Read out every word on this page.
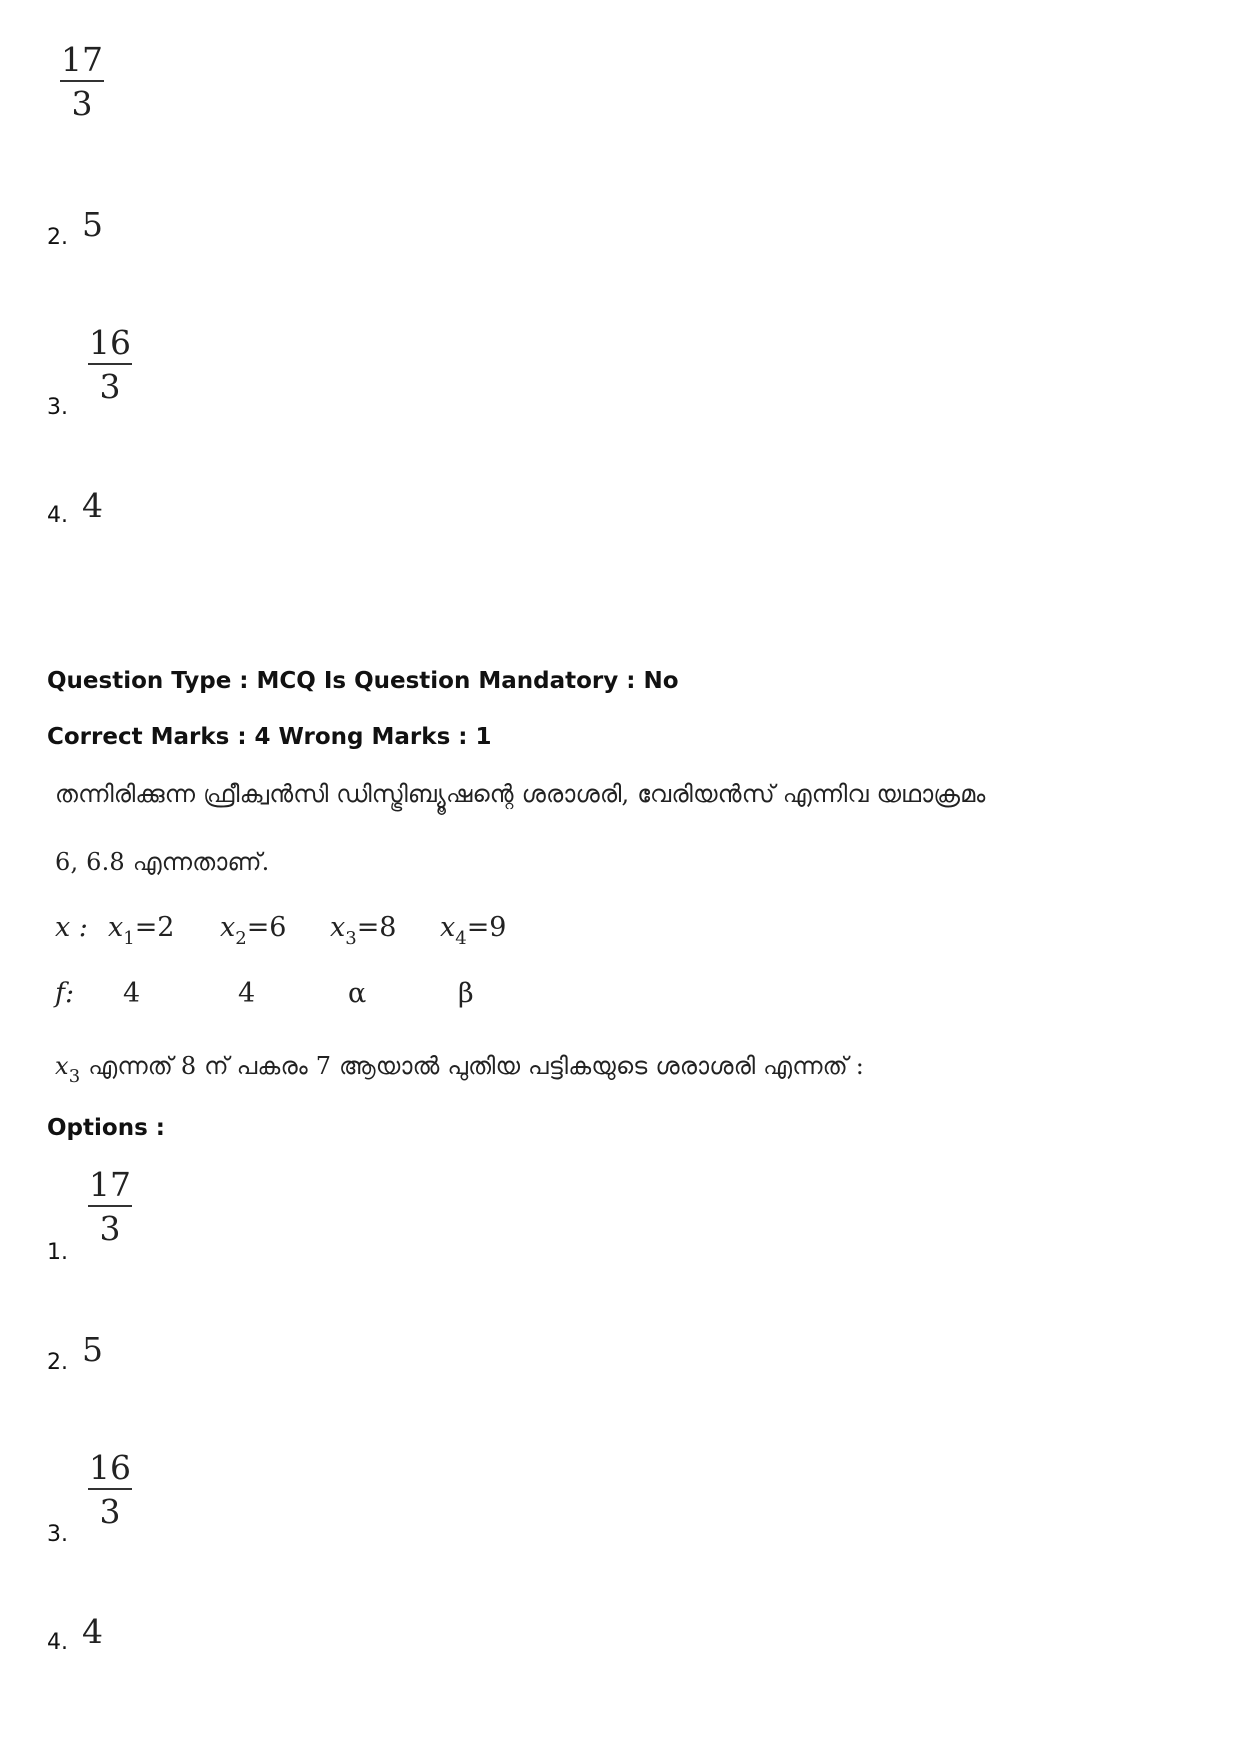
17
3
2. 5
3.
16
3
4. 4
Question Type : MCQ Is Question Mandatory : No
Correct Marks : 4 Wrong Marks : 1
തന്നിരിക്കുന്ന ഫ്രീക്വൻസി ഡിസ്ട്രിബ്യൂഷന്റെ ശരാശരി, വേരിയൻസ് എന്നിവ യഥാക്രമം
6, 6.8 എന്നതാണ്.
x : $x_1=2$ $x_2=6$ $x_3=8$ $x_4=9$
f: 4	4	α	β
$x_3$ എന്നത് 8 ന് പകരം 7 ആയാൽ പുതിയ പട്ടികയുടെ ശരാശരി എന്നത് :
Options :
1.
17
3
2. 5
3.
16
3
4. 4
